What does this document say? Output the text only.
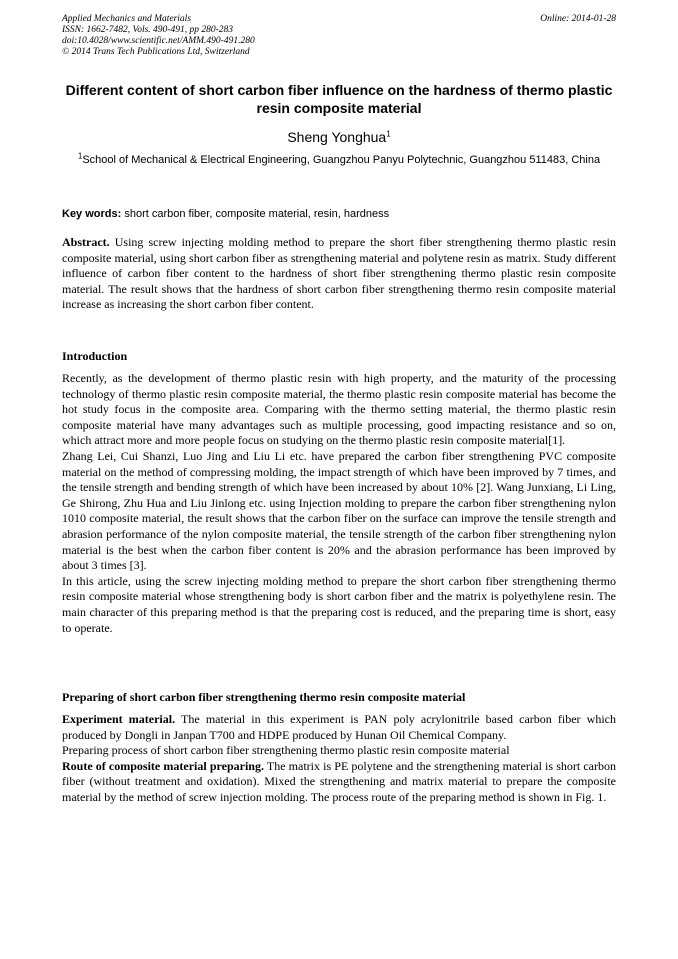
Applied Mechanics and Materials
ISSN: 1662-7482, Vols. 490-491, pp 280-283
doi:10.4028/www.scientific.net/AMM.490-491.280
© 2014 Trans Tech Publications Ltd, Switzerland
Online: 2014-01-28
Different content of short carbon fiber influence on the hardness of thermo plastic resin composite material
Sheng Yonghua$^1$
$^1$School of Mechanical & Electrical Engineering, Guangzhou Panyu Polytechnic, Guangzhou 511483, China
Key words: short carbon fiber, composite material, resin, hardness

Abstract. Using screw injecting molding method to prepare the short fiber strengthening thermo plastic resin composite material, using short carbon fiber as strengthening material and polytene resin as matrix. Study different influence of carbon fiber content to the hardness of short fiber strengthening thermo plastic resin composite material. The result shows that the hardness of short carbon fiber strengthening thermo resin composite material increase as increasing the short carbon fiber content.

Introduction

Recently, as the development of thermo plastic resin with high property, and the maturity of the processing technology of thermo plastic resin composite material, the thermo plastic resin composite material has become the hot study focus in the composite area. Comparing with the thermo setting material, the thermo plastic resin composite material have many advantages such as multiple processing, good impacting resistance and so on, which attract more and more people focus on studying on the thermo plastic resin composite material[1].

Zhang Lei, Cui Shanzi, Luo Jing and Liu Li etc. have prepared the carbon fiber strengthening PVC composite material on the method of compressing molding, the impact strength of which have been improved by 7 times, and the tensile strength and bending strength of which have been increased by about 10% [2]. Wang Junxiang, Li Ling, Ge Shirong, Zhu Hua and Liu Jinlong etc. using Injection molding to prepare the carbon fiber strengthening nylon 1010 composite material, the result shows that the carbon fiber on the surface can improve the tensile strength and abrasion performance of the nylon composite material, the tensile strength of the carbon fiber strengthening nylon material is the best when the carbon fiber content is 20% and the abrasion performance has been improved by about 3 times [3].

In this article, using the screw injecting molding method to prepare the short carbon fiber strengthening thermo resin composite material whose strengthening body is short carbon fiber and the matrix is polyethylene resin. The main character of this preparing method is that the preparing cost is reduced, and the preparing time is short, easy to operate.

Preparing of short carbon fiber strengthening thermo resin composite material

Experiment material. The material in this experiment is PAN poly acrylonitrile based carbon fiber which produced by Dongli in Janpan T700 and HDPE produced by Hunan Oil Chemical Company.

Preparing process of short carbon fiber strengthening thermo plastic resin composite material

Route of composite material preparing. The matrix is PE polytene and the strengthening material is short carbon fiber (without treatment and oxidation). Mixed the strengthening and matrix material to prepare the composite material by the method of screw injection molding. The process route of the preparing method is shown in Fig. 1.
